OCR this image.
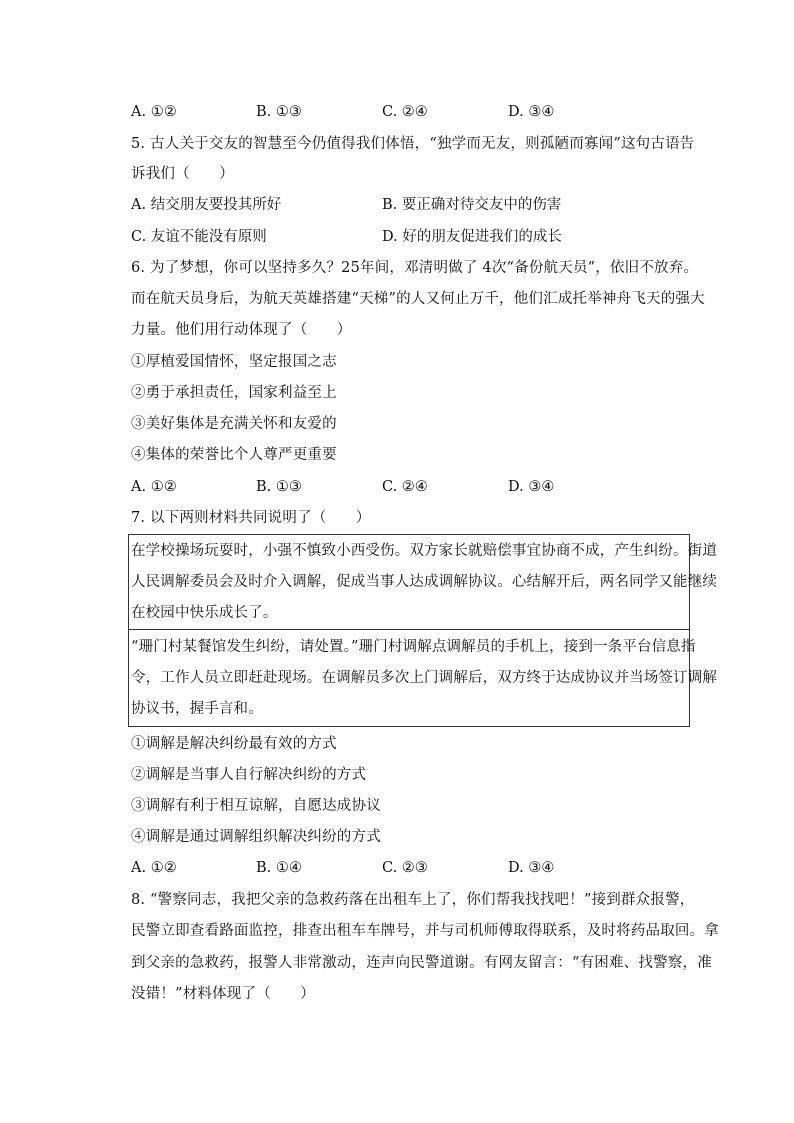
A. ①②	B. ①③	C. ②④	D. ③④
5. 古人关于交友的智慧至今仍值得我们体悟，“独学而无友，则孤陋而寡闻”这句古语告
诉我们（　　）
A. 结交朋友要投其所好	B. 要正确对待交友中的伤害
C. 友谊不能没有原则	D. 好的朋友促进我们的成长
6. 为了梦想，你可以坚持多久？25年间，邓清明做了 4次“备份航天员”，依旧不放弃。
而在航天员身后，为航天英雄搭建“天梯”的人又何止万千，他们汇成托举神舟飞天的强大
力量。他们用行动体现了（　　）
①厚植爱国情怀，坚定报国之志
②勇于承担责任，国家利益至上
③美好集体是充满关怀和友爱的
④集体的荣誉比个人尊严更重要
A. ①②	B. ①③	C. ②④	D. ③④
7. 以下两则材料共同说明了（　　）
在学校操场玩耍时，小强不慎致小西受伤。双方家长就赔偿事宜协商不成，产生纠纷。街道
人民调解委员会及时介入调解，促成当事人达成调解协议。心结解开后，两名同学又能继续
在校园中快乐成长了。
“珊门村某餐馆发生纠纷，请处置。”珊门村调解点调解员的手机上，接到一条平台信息指
令，工作人员立即赶赴现场。在调解员多次上门调解后，双方终于达成协议并当场签订调解
协议书，握手言和。
①调解是解决纠纷最有效的方式
②调解是当事人自行解决纠纷的方式
③调解有利于相互谅解，自愿达成协议
④调解是通过调解组织解决纠纷的方式
A. ①②	B. ①④	C. ②③	D. ③④
8. “警察同志，我把父亲的急救药落在出租车上了，你们帮我找找吧！”接到群众报警，
民警立即查看路面监控，排查出租车车牌号，并与司机师傅取得联系，及时将药品取回。拿
到父亲的急救药，报警人非常激动，连声向民警道谢。有网友留言：“有困难、找警察，准
没错！”材料体现了（　　）
